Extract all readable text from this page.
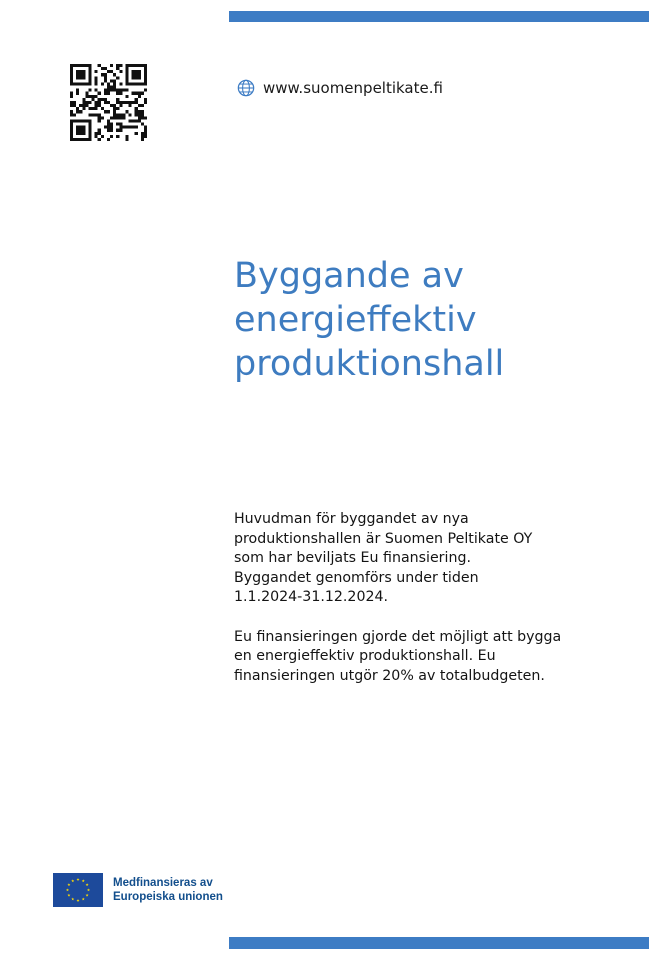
www.suomenpeltikate.fi
Byggande av
energieffektiv
produktionshall
Huvudman för byggandet av nya
produktionshallen är Suomen Peltikate OY
som har beviljats Eu finansiering.
Byggandet genomförs under tiden
1.1.2024-31.12.2024.
Eu finansieringen gjorde det möjligt att bygga
en energieffektiv produktionshall. Eu
finansieringen utgör 20% av totalbudgeten.
Medfinansieras av
Europeiska unionen
